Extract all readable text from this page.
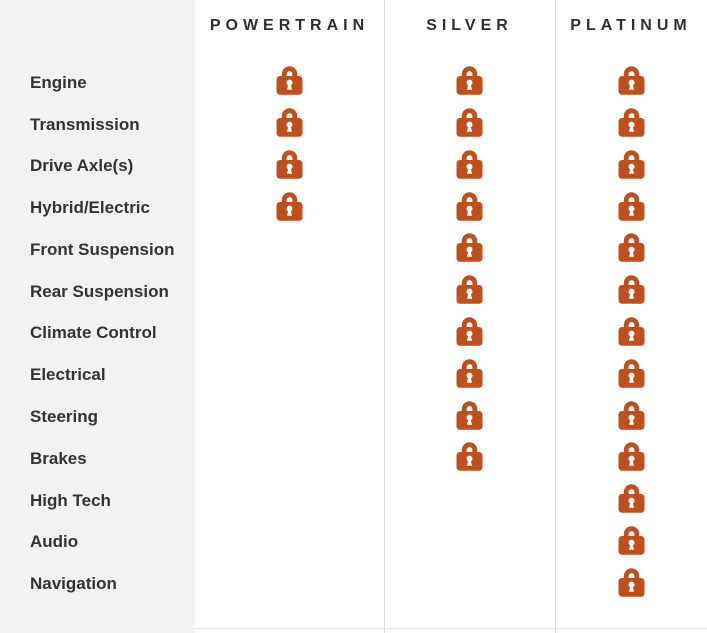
POWERTRAIN	SILVER	PLATINUM
Engine
Transmission
Drive Axle(s)
Hybrid/Electric
Front Suspension
Rear Suspension
Climate Control
Electrical
Steering
Brakes
High Tech
Audio
Navigation
